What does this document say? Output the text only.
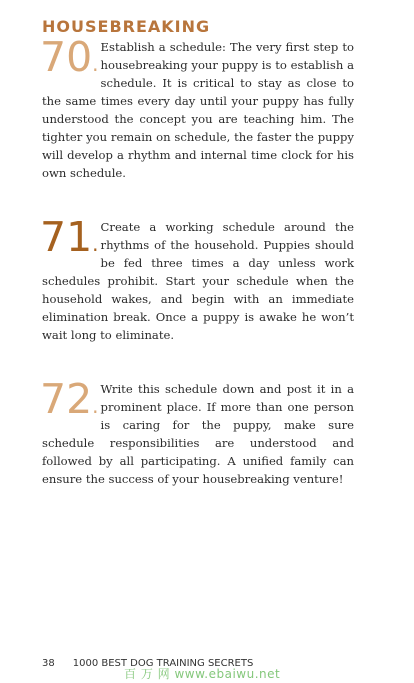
HOUSEBREAKING

70.
Establish a schedule: The very first step to housebreaking your puppy is to establish a schedule. It is critical to stay as close to the same times every day until your puppy has fully understood the concept you are teaching him. The tighter you remain on schedule, the faster the puppy will develop a rhythm and internal time clock for his own schedule.

71.
Create a working schedule around the rhythms of the household. Puppies should be fed three times a day unless work schedules prohibit. Start your schedule when the household wakes, and begin with an immediate elimination break. Once a puppy is awake he won’t wait long to eliminate.

72.
Write this schedule down and post it in a prominent place. If more than one person is caring for the puppy, make sure schedule responsibilities are understood and followed by all participating. A unified family can ensure the success of your housebreaking venture!

38 1000 BEST DOG TRAINING SECRETS
百 万 网 www.ebaiwu.net
